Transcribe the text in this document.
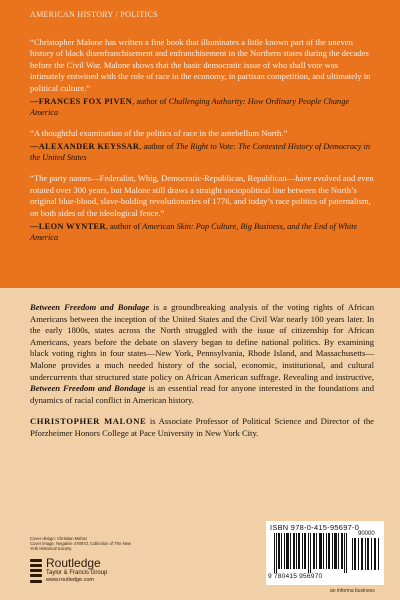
AMERICAN HISTORY / POLITICS
“Christopher Malone has written a fine book that illuminates a little known part of the uneven history of black disenfranchisement and enfranchisement in the Northern states during the decades before the Civil War. Malone shows that the basic democratic issue of who shall vote was intimately entwined with the role of race in the economy, in partisan competition, and ultimately in political culture.”
—FRANCES FOX PIVEN, author of Challenging Authority: How Ordinary People Change America
“A thoughtful examination of the politics of race in the antebellum North.”
—ALEXANDER KEYSSAR, author of The Right to Vote: The Contested History of Democracy in the United States
“The party names—Federalist, Whig, Democratic-Republican, Republican—have evolved and even rotated over 300 years, but Malone still draws a straight sociopolitical line between the North’s original blue-blood, slave-holding revolutionaries of 1776, and today’s race politics of paternalism, on both sides of the ideological fence.”
—LEON WYNTER, author of American Skin: Pop Culture, Big Business, and the End of White America

Between Freedom and Bondage is a groundbreaking analysis of the voting rights of African Americans between the inception of the United States and the Civil War nearly 100 years later. In the early 1800s, states across the North struggled with the issue of citizenship for African Americans, years before the debate on slavery began to define national politics. By examining black voting rights in four states—New York, Pennsylvania, Rhode Island, and Massachusetts—Malone provides a much needed history of the social, economic, institutional, and cultural undercurrents that structured state policy on African American suffrage. Revealing and instructive, Between Freedom and Bondage is an essential read for anyone interested in the foundations and dynamics of racial conflict in American history.

CHRISTOPHER MALONE is Associate Professor of Political Science and Director of the Pforzheimer Honors College at Pace University in New York City.

Cover design: Christian Mahoz
Cover image: Negative 47887d, Collection of The New York Historical Society
Routledge
Taylor & Francis Group
www.routledge.com
ISBN 978-0-415-95697-0
90000
9 780415 956970
an informa business
